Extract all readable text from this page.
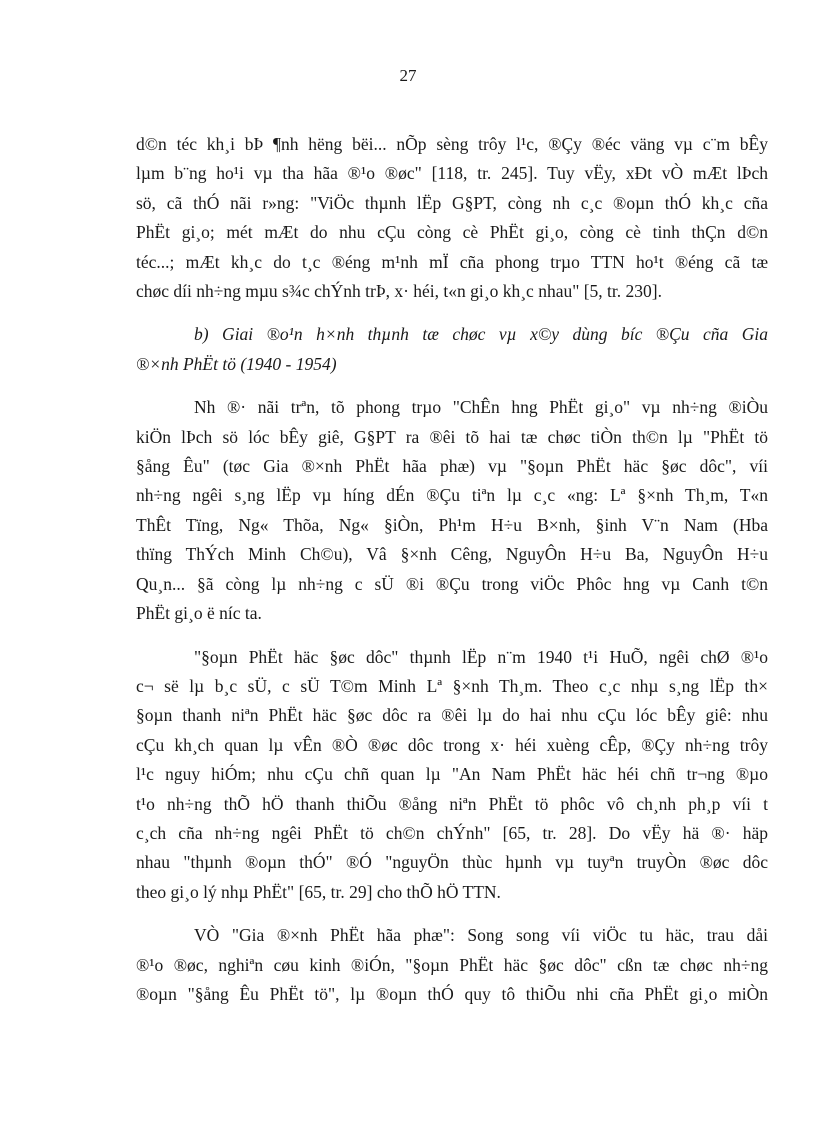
27

d©n téc kh¸i bÞ ¶nh hëng bëi... nÕp sèng trôy l¹c, ®Çy ®éc väng vµ c¨m bÊy
lµm b¨ng ho¹i vµ tha hãa ®¹o ®øc" [118, tr. 245]. Tuy vËy, xÐt vÒ mÆt lÞch
sö, cã thÓ nãi r»ng: "ViÖc thµnh lËp G§PT, còng nh c¸c ®oµn thÓ kh¸c cña
PhËt gi¸o; mét mÆt do nhu cÇu còng cè PhËt gi¸o, còng cè tinh thÇn d©n
téc...; mÆt kh¸c do t¸c ®éng m¹nh mÏ cña phong trµo TTN ho¹t ®éng cã tæ
chøc díi nh÷ng mµu s¾c chÝnh trÞ, x· héi, t«n gi¸o kh¸c nhau" [5, tr. 230].

b) Giai ®o¹n h×nh thµnh tæ chøc vµ x©y dùng bíc ®Çu cña Gia
®×nh PhËt tö (1940 - 1954)

Nh ®· nãi trªn, tõ phong trµo "ChÊn hng PhËt gi¸o" vµ nh÷ng ®iÒu
kiÖn lÞch sö lóc bÊy giê, G§PT ra ®êi tõ hai tæ chøc tiÒn th©n lµ "PhËt tö
§ång Êu" (tøc Gia ®×nh PhËt hãa phæ) vµ "§oµn PhËt häc §øc dôc", víi
nh÷ng ngêi s¸ng lËp vµ híng dÉn ®Çu tiªn lµ c¸c «ng: Lª §×nh Th¸m, T«n
ThÊt Tïng, Ng« Thõa, Ng« §iÒn, Ph¹m H÷u B×nh, §inh V¨n Nam (Hba
thïng ThÝch Minh Ch©u), Vâ §×nh Cêng, NguyÔn H÷u Ba, NguyÔn H÷u
Qu¸n... §ã còng lµ nh÷ng c sÜ ®i ®Çu trong viÖc Phôc hng vµ Canh t©n
PhËt gi¸o ë níc ta.

"§oµn PhËt häc §øc dôc" thµnh lËp n¨m 1940 t¹i HuÕ, ngêi chØ ®¹o
c¬ së lµ b¸c sÜ, c sÜ T©m Minh Lª §×nh Th¸m. Theo c¸c nhµ s¸ng lËp th×
§oµn thanh niªn PhËt häc §øc dôc ra ®êi lµ do hai nhu cÇu lóc bÊy giê: nhu
cÇu kh¸ch quan lµ vÊn ®Ò ®øc dôc trong x· héi xuèng cÊp, ®Çy nh÷ng trôy
l¹c nguy hiÓm; nhu cÇu chñ quan lµ "An Nam PhËt häc héi chñ tr¬ng ®µo
t¹o nh÷ng thÕ hÖ thanh thiÕu ®ång niªn PhËt tö phôc vô ch¸nh ph¸p víi t
c¸ch cña nh÷ng ngêi PhËt tö ch©n chÝnh" [65, tr. 28]. Do vËy hä ®· häp
nhau "thµnh ®oµn thÓ" ®Ó "nguyÖn thùc hµnh vµ tuyªn truyÒn ®øc dôc
theo gi¸o lý nhµ PhËt" [65, tr. 29] cho thÕ hÖ TTN.

VÒ "Gia ®×nh PhËt hãa phæ": Song song víi viÖc tu häc, trau dåi
®¹o ®øc, nghiªn cøu kinh ®iÓn, "§oµn PhËt häc §øc dôc" cßn tæ chøc nh÷ng
®oµn "§ång Êu PhËt tö", lµ ®oµn thÓ quy tô thiÕu nhi cña PhËt gi¸o miÒn
